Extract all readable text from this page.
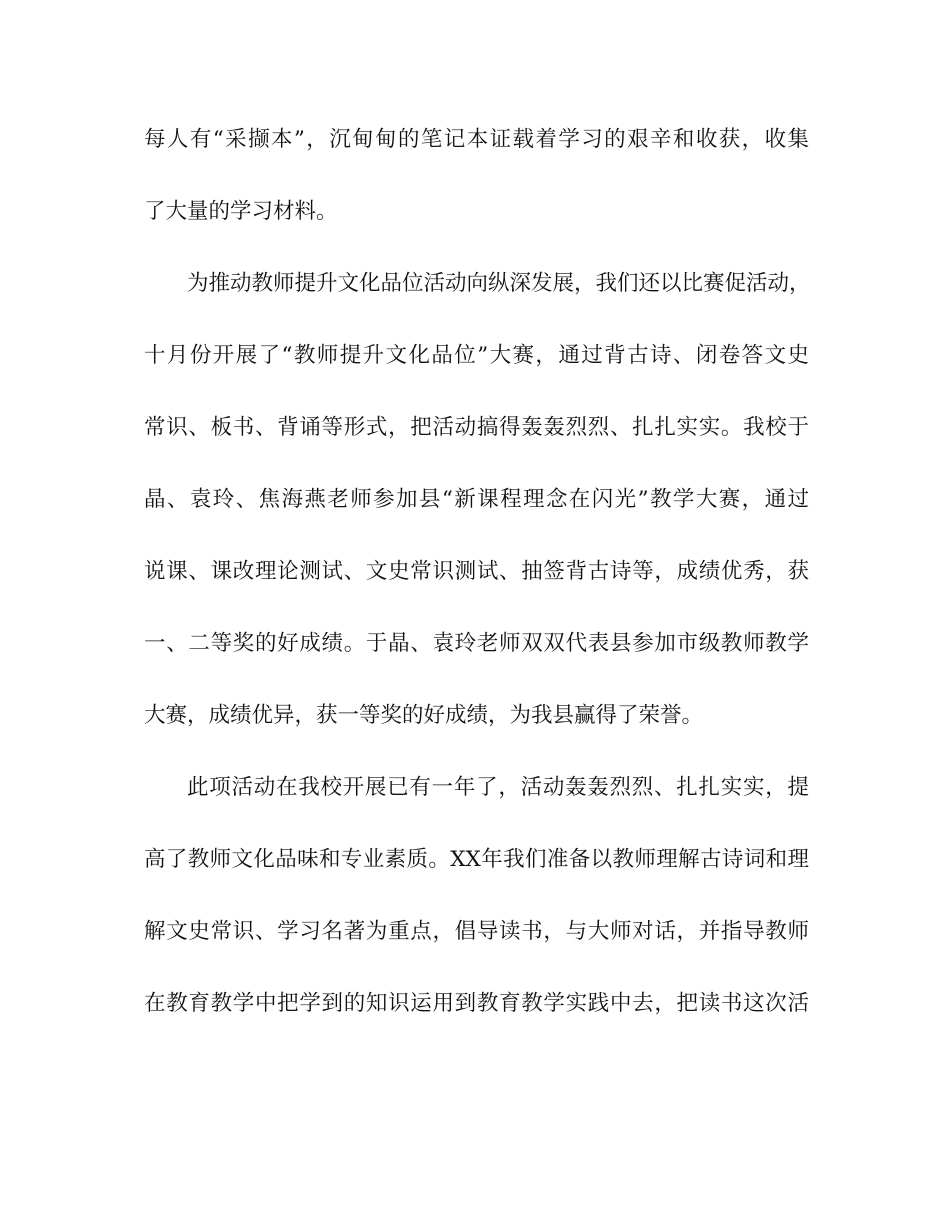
每人有“采撷本”，沉甸甸的笔记本证载着学习的艰辛和收获，收集
了大量的学习材料。
为推动教师提升文化品位活动向纵深发展，我们还以比赛促活动，
十月份开展了“教师提升文化品位”大赛，通过背古诗、闭卷答文史
常识、板书、背诵等形式，把活动搞得轰轰烈烈、扎扎实实。我校于
晶、袁玲、焦海燕老师参加县“新课程理念在闪光”教学大赛，通过
说课、课改理论测试、文史常识测试、抽签背古诗等，成绩优秀，获
一、二等奖的好成绩。于晶、袁玲老师双双代表县参加市级教师教学
大赛，成绩优异，获一等奖的好成绩，为我县赢得了荣誉。
此项活动在我校开展已有一年了，活动轰轰烈烈、扎扎实实，提
高了教师文化品味和专业素质。XX年我们准备以教师理解古诗词和理
解文史常识、学习名著为重点，倡导读书，与大师对话，并指导教师
在教育教学中把学到的知识运用到教育教学实践中去，把读书这次活
